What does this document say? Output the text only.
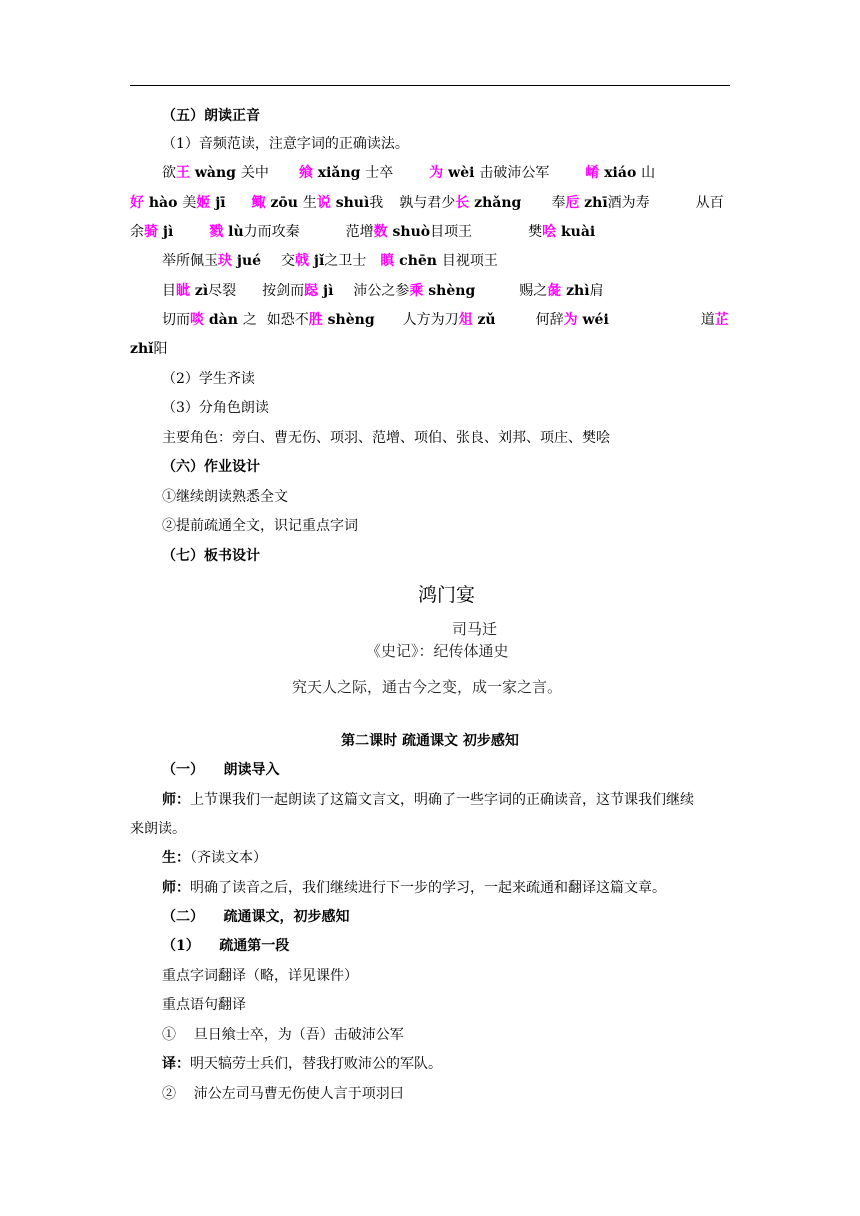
（五）朗读正音
（1）音频范读，注意字词的正确读法。
欲王 wàng 关中 飨 xiǎng 士卒	为 wèi 击破沛公军	崤 xiáo 山
好 hào 美姬 jī 鲰 zōu 生说 shuì我 孰与君少长 zhǎng 奉卮 zhī酒为寿	从百
余骑 jì	戮 lù力而攻秦	范增数 shuò目项王	樊哙 kuài
举所佩玉玦 jué 交戟 jǐ之卫士 瞋 chēn 目视项王
目眦 zì尽裂 按剑而跽 jì 沛公之参乘 shèng	赐之彘 zhì肩
切而啖 dàn 之 如恐不胜 shèng 人方为刀俎 zǔ	何辞为 wéi	道芷
zhǐ阳
（2）学生齐读
（3）分角色朗读
主要角色：旁白、曹无伤、项羽、范增、项伯、张良、刘邦、项庄、樊哙
（六）作业设计
①继续朗读熟悉全文
②提前疏通全文，识记重点字词
（七）板书设计
鸿门宴
司马迁
《史记》：纪传体通史
究天人之际，通古今之变，成一家之言。
第二课时 疏通课文 初步感知
（一）    朗读导入
师：上节课我们一起朗读了这篇文言文，明确了一些字词的正确读音，这节课我们继续
来朗读。
生：（齐读文本）
师：明确了读音之后，我们继续进行下一步的学习，一起来疏通和翻译这篇文章。
（二）    疏通课文，初步感知
（1）    疏通第一段
重点字词翻译（略，详见课件）
重点语句翻译
①    旦日飨士卒，为（吾）击破沛公军
译：明天犒劳士兵们，替我打败沛公的军队。
②    沛公左司马曹无伤使人言于项羽曰
